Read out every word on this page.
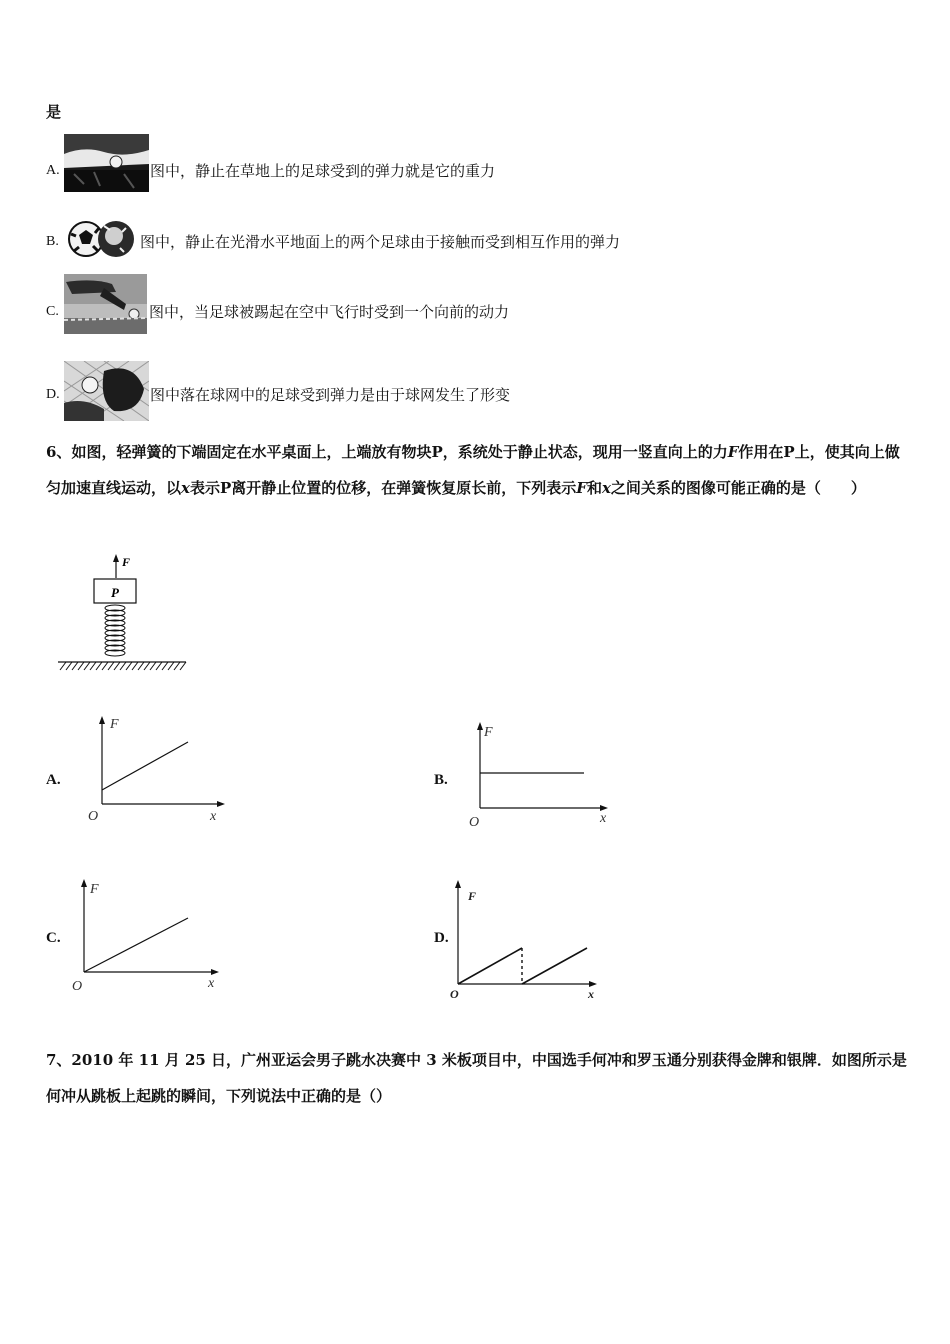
是
A.	图中，静止在草地上的足球受到的弹力就是它的重力
B.	图中，静止在光滑水平地面上的两个足球由于接触而受到相互作用的弹力
C.	图中，当足球被踢起在空中飞行时受到一个向前的动力
D.	图中落在球网中的足球受到弹力是由于球网发生了形变
6、如图，轻弹簧的下端固定在水平桌面上，上端放有物块P，系统处于静止状态，现用一竖直向上的力F作用在P上，使其向上做匀加速直线运动，以x表示P离开静止位置的位移，在弹簧恢复原长前，下列表示F和x之间关系的图像可能正确的是（　　）
F
P
A.
F
x
O
B.
F
x
O
C.
F
x
O
D.
F
x
O
7、2010 年 11 月 25 日，广州亚运会男子跳水决赛中 3 米板项目中，中国选手何冲和罗玉通分别获得金牌和银牌．如图所示是何冲从跳板上起跳的瞬间，下列说法中正确的是（）
